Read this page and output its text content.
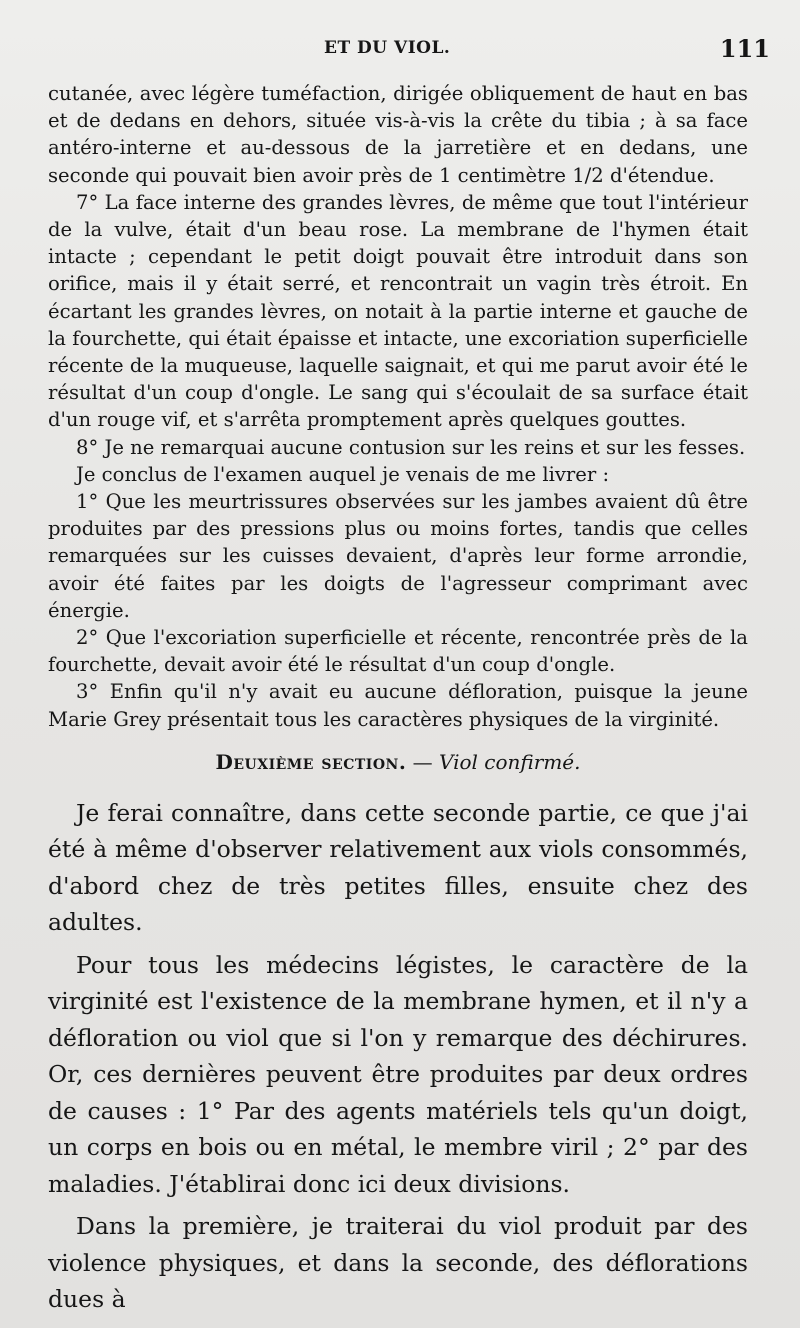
ET DU VIOL.	111

cutanée, avec légère tuméfaction, dirigée obliquement de haut en bas et de dedans en dehors, située vis-à-vis la crête du tibia ; à sa face antéro-interne et au-dessous de la jarretière et en dedans, une seconde qui pouvait bien avoir près de 1 centimètre 1/2 d'étendue.

7° La face interne des grandes lèvres, de même que tout l'intérieur de la vulve, était d'un beau rose. La membrane de l'hymen était intacte ; cependant le petit doigt pouvait être introduit dans son orifice, mais il y était serré, et rencontrait un vagin très étroit. En écartant les grandes lèvres, on notait à la partie interne et gauche de la fourchette, qui était épaisse et intacte, une excoriation superficielle récente de la muqueuse, laquelle saignait, et qui me parut avoir été le résultat d'un coup d'ongle. Le sang qui s'écoulait de sa surface était d'un rouge vif, et s'arrêta promptement après quelques gouttes.

8° Je ne remarquai aucune contusion sur les reins et sur les fesses.

Je conclus de l'examen auquel je venais de me livrer :

1° Que les meurtrissures observées sur les jambes avaient dû être produites par des pressions plus ou moins fortes, tandis que celles remarquées sur les cuisses devaient, d'après leur forme arrondie, avoir été faites par les doigts de l'agresseur comprimant avec énergie.

2° Que l'excoriation superficielle et récente, rencontrée près de la fourchette, devait avoir été le résultat d'un coup d'ongle.

3° Enfin qu'il n'y avait eu aucune défloration, puisque la jeune Marie Grey présentait tous les caractères physiques de la virginité.

Deuxième section. — Viol confirmé.

Je ferai connaître, dans cette seconde partie, ce que j'ai été à même d'observer relativement aux viols consommés, d'abord chez de très petites filles, ensuite chez des adultes.

Pour tous les médecins légistes, le caractère de la virginité est l'existence de la membrane hymen, et il n'y a défloration ou viol que si l'on y remarque des déchirures. Or, ces dernières peuvent être produites par deux ordres de causes : 1° Par des agents matériels tels qu'un doigt, un corps en bois ou en métal, le membre viril ; 2° par des maladies. J'établirai donc ici deux divisions.

Dans la première, je traiterai du viol produit par des violence physiques, et dans la seconde, des déflorations dues à
